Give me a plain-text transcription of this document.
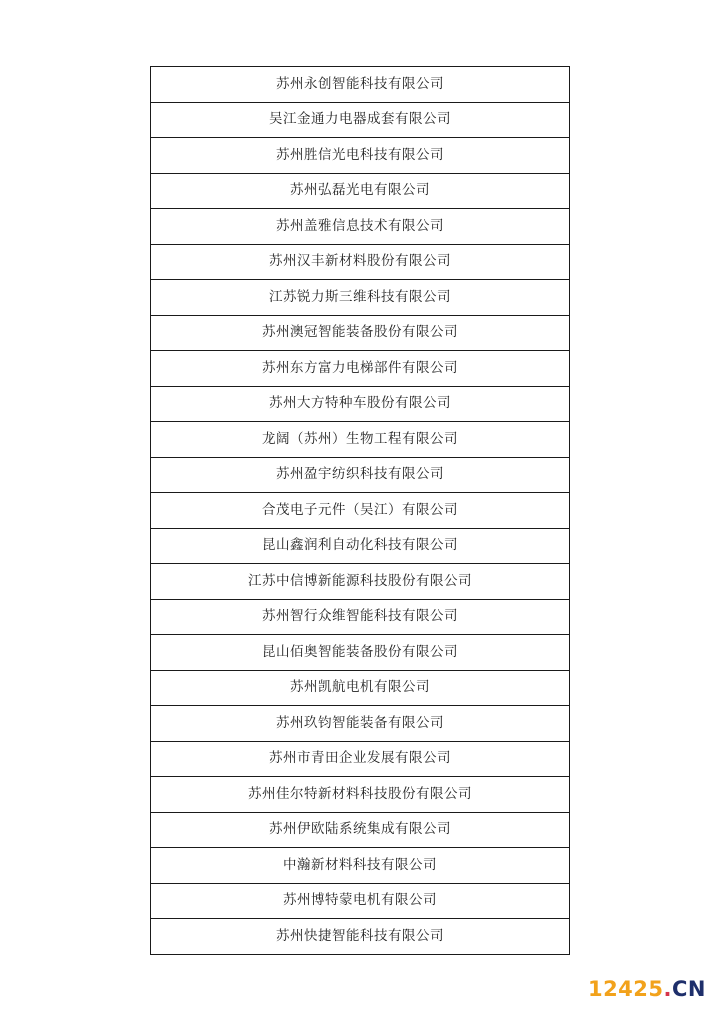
苏州永创智能科技有限公司
吴江金通力电器成套有限公司
苏州胜信光电科技有限公司
苏州弘磊光电有限公司
苏州盖雅信息技术有限公司
苏州汉丰新材料股份有限公司
江苏锐力斯三维科技有限公司
苏州澳冠智能装备股份有限公司
苏州东方富力电梯部件有限公司
苏州大方特种车股份有限公司
龙阔（苏州）生物工程有限公司
苏州盈宇纺织科技有限公司
合茂电子元件（吴江）有限公司
昆山鑫润利自动化科技有限公司
江苏中信博新能源科技股份有限公司
苏州智行众维智能科技有限公司
昆山佰奥智能装备股份有限公司
苏州凯航电机有限公司
苏州玖钧智能装备有限公司
苏州市青田企业发展有限公司
苏州佳尔特新材料科技股份有限公司
苏州伊欧陆系统集成有限公司
中瀚新材料科技有限公司
苏州博特蒙电机有限公司
苏州快捷智能科技有限公司
12425.CN
